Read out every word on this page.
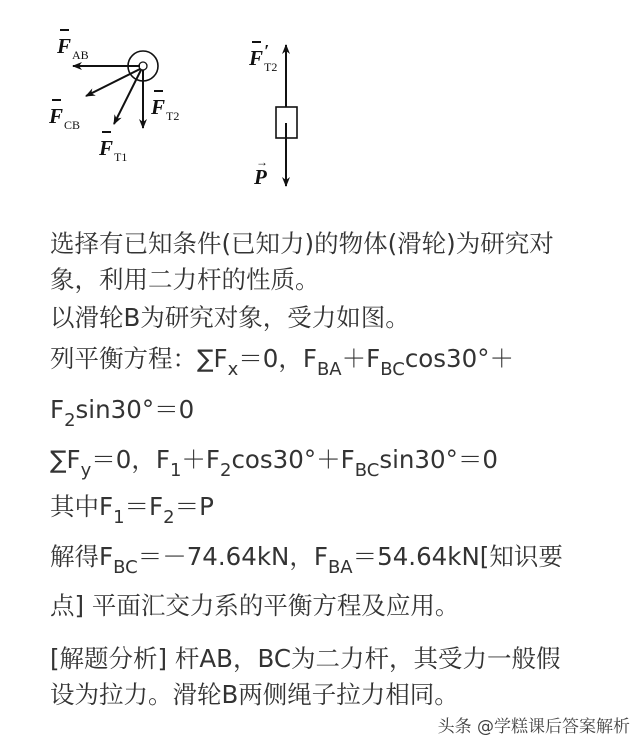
$F_{AB}$
$F_{CB}$
$F_{T1}$
$F_{T2}$
F ′
$_{T2}$
→
P
选择有已知条件(已知力)的物体(滑轮)为研究对
象，利用二力杆的性质。
以滑轮B为研究对象，受力如图。
列平衡方程：$\sum F_x=0$，$F_{BA}+F_{BC}\cos 30^\circ+$
$F_2\sin 30^\circ=0$
$\sum F_y=0$，$F_1+F_2\cos 30^\circ+F_{BC}\sin 30^\circ=0$
其中$F_1=F_2=P$
解得$F_{BC}=-74.64kN$，$F_{BA}=54.64kN$[知识要
点] 平面汇交力系的平衡方程及应用。
[解题分析] 杆AB，BC为二力杆，其受力一般假
设为拉力。滑轮B两侧绳子拉力相同。
头条 @学糕课后答案解析
